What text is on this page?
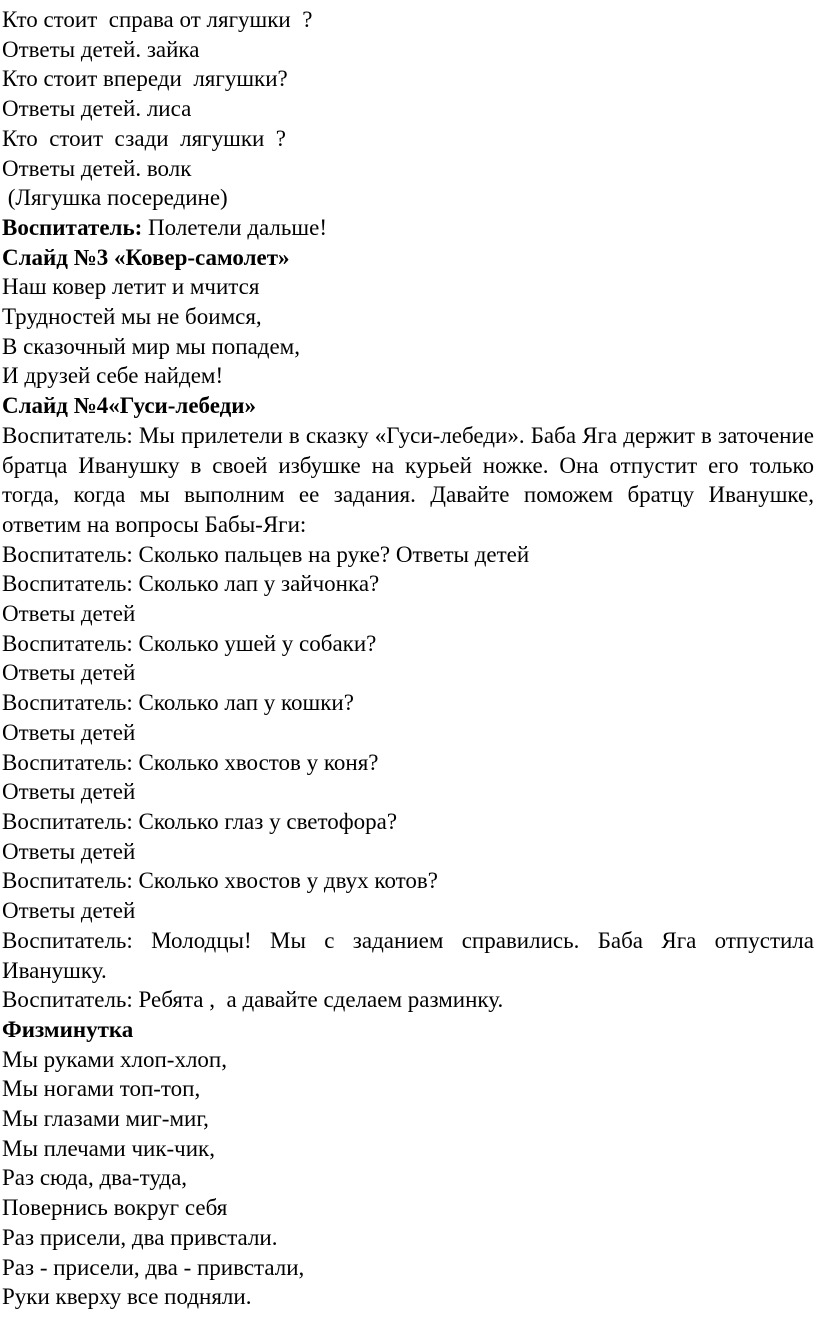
Кто стоит  справа от лягушки  ?

Ответы детей. зайка

Кто стоит впереди  лягушки?

Ответы детей. лиса

Кто  стоит  сзади  лягушки  ?

Ответы детей. волк

(Лягушка посередине)

Воспитатель: Полетели дальше!

Слайд №3 «Ковер-самолет»

Наш ковер летит и мчится

Трудностей мы не боимся,

В сказочный мир мы попадем,

И друзей себе найдем!

Слайд №4«Гуси-лебеди»

Воспитатель: Мы прилетели в сказку «Гуси-лебеди». Баба Яга держит в заточение братца Иванушку в своей избушке на курьей ножке. Она отпустит его только тогда, когда мы выполним ее задания. Давайте поможем братцу Иванушке, ответим на вопросы Бабы-Яги:

Воспитатель: Сколько пальцев на руке? Ответы детей

Воспитатель: Сколько лап у зайчонка?

Ответы детей

Воспитатель: Сколько ушей у собаки?

Ответы детей

Воспитатель: Сколько лап у кошки?

Ответы детей

Воспитатель: Сколько хвостов у коня?

Ответы детей

Воспитатель: Сколько глаз у светофора?

Ответы детей

Воспитатель: Сколько хвостов у двух котов?

Ответы детей

Воспитатель: Молодцы! Мы с заданием справились. Баба Яга отпустила Иванушку.

Воспитатель: Ребята ,  а давайте сделаем разминку.

Физминутка

Мы руками хлоп-хлоп,

Мы ногами топ-топ,

Мы глазами миг-миг,

Мы плечами чик-чик,

Раз сюда, два-туда,

Повернись вокруг себя

Раз присели, два привстали.

Раз - присели, два - привстали,

Руки кверху все подняли.
